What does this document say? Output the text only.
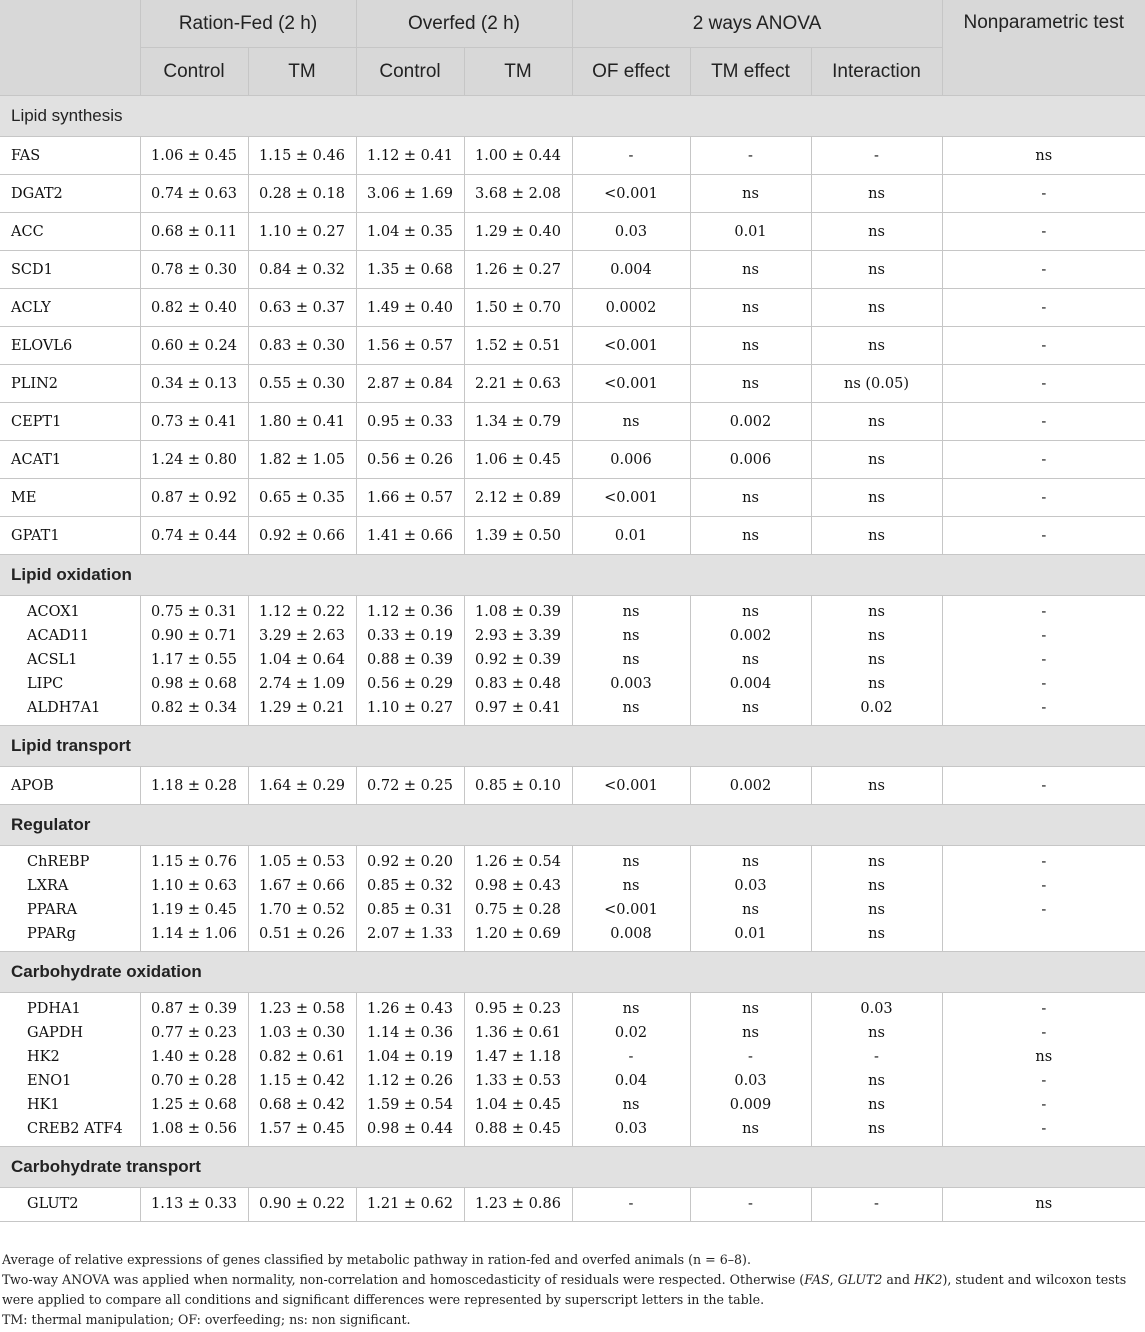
	Ration-Fed (2 h)		Overfed (2 h)		2 ways ANOVA			Nonparametric test
	Control	TM	Control	TM	OF effect	TM effect	Interaction	
Lipid synthesis								
FAS	1.06 ± 0.45	1.15 ± 0.46	1.12 ± 0.41	1.00 ± 0.44	-	-	-	ns
DGAT2	0.74 ± 0.63	0.28 ± 0.18	3.06 ± 1.69	3.68 ± 2.08	<0.001	ns	ns	-
ACC	0.68 ± 0.11	1.10 ± 0.27	1.04 ± 0.35	1.29 ± 0.40	0.03	0.01	ns	-
SCD1	0.78 ± 0.30	0.84 ± 0.32	1.35 ± 0.68	1.26 ± 0.27	0.004	ns	ns	-
ACLY	0.82 ± 0.40	0.63 ± 0.37	1.49 ± 0.40	1.50 ± 0.70	0.0002	ns	ns	-
ELOVL6	0.60 ± 0.24	0.83 ± 0.30	1.56 ± 0.57	1.52 ± 0.51	<0.001	ns	ns	-
PLIN2	0.34 ± 0.13	0.55 ± 0.30	2.87 ± 0.84	2.21 ± 0.63	<0.001	ns	ns (0.05)	-
CEPT1	0.73 ± 0.41	1.80 ± 0.41	0.95 ± 0.33	1.34 ± 0.79	ns	0.002	ns	-
ACAT1	1.24 ± 0.80	1.82 ± 1.05	0.56 ± 0.26	1.06 ± 0.45	0.006	0.006	ns	-
ME	0.87 ± 0.92	0.65 ± 0.35	1.66 ± 0.57	2.12 ± 0.89	<0.001	ns	ns	-
GPAT1	0.74 ± 0.44	0.92 ± 0.66	1.41 ± 0.66	1.39 ± 0.50	0.01	ns	ns	-
Lipid oxidation								
ACOX1	0.75 ± 0.31	1.12 ± 0.22	1.12 ± 0.36	1.08 ± 0.39	ns	ns	ns	-
ACAD11	0.90 ± 0.71	3.29 ± 2.63	0.33 ± 0.19	2.93 ± 3.39	ns	0.002	ns	-
ACSL1	1.17 ± 0.55	1.04 ± 0.64	0.88 ± 0.39	0.92 ± 0.39	ns	ns	ns	-
LIPC	0.98 ± 0.68	2.74 ± 1.09	0.56 ± 0.29	0.83 ± 0.48	0.003	0.004	ns	-
ALDH7A1	0.82 ± 0.34	1.29 ± 0.21	1.10 ± 0.27	0.97 ± 0.41	ns	ns	0.02	-
Lipid transport								
APOB	1.18 ± 0.28	1.64 ± 0.29	0.72 ± 0.25	0.85 ± 0.10	<0.001	0.002	ns	-
Regulator								
ChREBP	1.15 ± 0.76	1.05 ± 0.53	0.92 ± 0.20	1.26 ± 0.54	ns	ns	ns	-
LXRA	1.10 ± 0.63	1.67 ± 0.66	0.85 ± 0.32	0.98 ± 0.43	ns	0.03	ns	-
PPARA	1.19 ± 0.45	1.70 ± 0.52	0.85 ± 0.31	0.75 ± 0.28	<0.001	ns	ns	-
PPARg	1.14 ± 1.06	0.51 ± 0.26	2.07 ± 1.33	1.20 ± 0.69	0.008	0.01	ns	
Carbohydrate oxidation								
PDHA1	0.87 ± 0.39	1.23 ± 0.58	1.26 ± 0.43	0.95 ± 0.23	ns	ns	0.03	-
GAPDH	0.77 ± 0.23	1.03 ± 0.30	1.14 ± 0.36	1.36 ± 0.61	0.02	ns	ns	-
HK2	1.40 ± 0.28	0.82 ± 0.61	1.04 ± 0.19	1.47 ± 1.18	-	-	-	ns
ENO1	0.70 ± 0.28	1.15 ± 0.42	1.12 ± 0.26	1.33 ± 0.53	0.04	0.03	ns	-
HK1	1.25 ± 0.68	0.68 ± 0.42	1.59 ± 0.54	1.04 ± 0.45	ns	0.009	ns	-
CREB2 ATF4	1.08 ± 0.56	1.57 ± 0.45	0.98 ± 0.44	0.88 ± 0.45	0.03	ns	ns	-
Carbohydrate transport								
GLUT2	1.13 ± 0.33	0.90 ± 0.22	1.21 ± 0.62	1.23 ± 0.86	-	-	-	ns

Average of relative expressions of genes classified by metabolic pathway in ration-fed and overfed animals (n = 6–8).

Two-way ANOVA was applied when normality, non-correlation and homoscedasticity of residuals were respected. Otherwise (FAS, GLUT2 and HK2), student and wilcoxon tests were applied to compare all conditions and significant differences were represented by superscript letters in the table.

TM: thermal manipulation; OF: overfeeding; ns: non significant.
